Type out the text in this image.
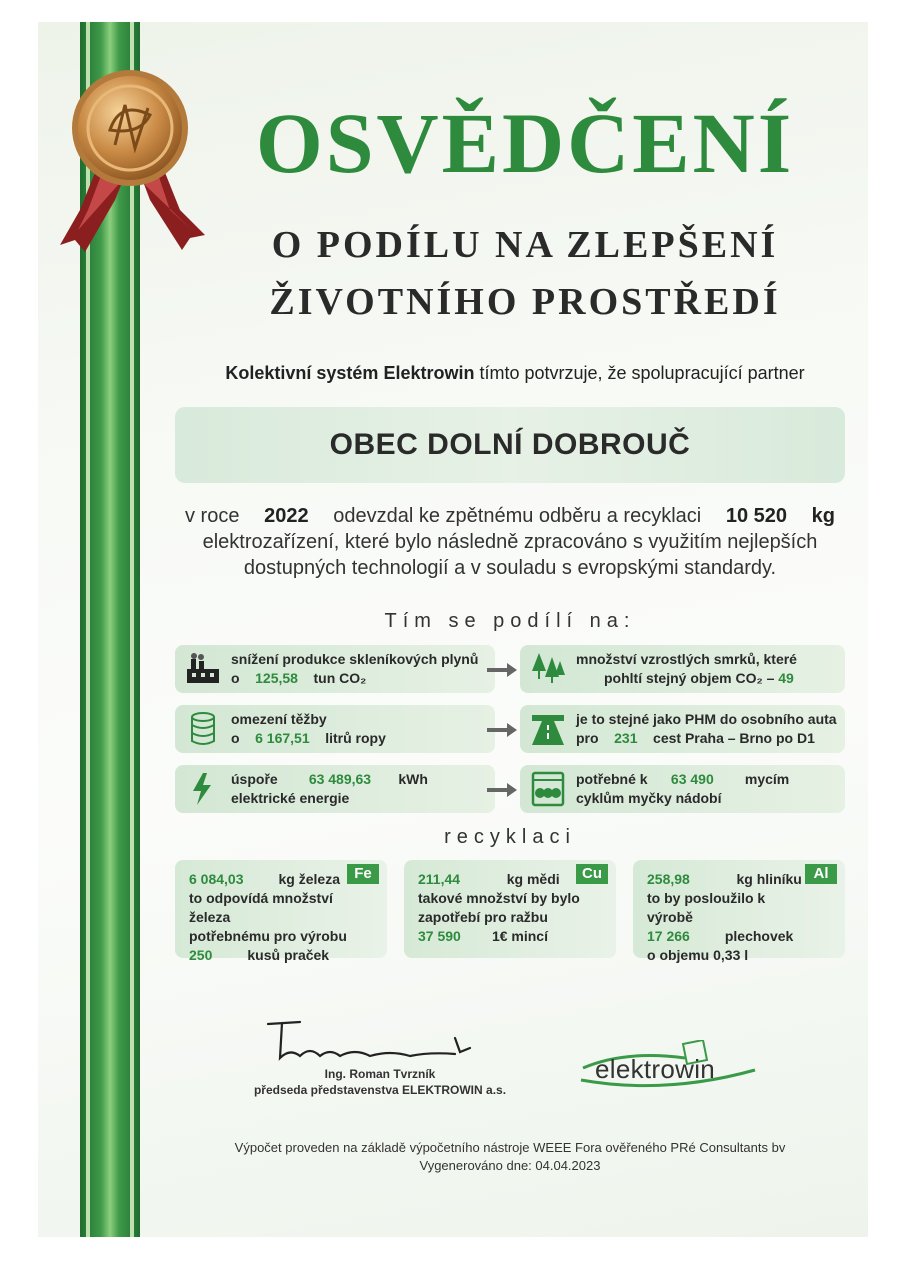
OSVĚDČENÍ
O PODÍLU NA ZLEPŠENÍ
ŽIVOTNÍHO PROSTŘEDÍ
Kolektivní systém Elektrowin tímto potvrzuje, že spolupracující partner
OBEC DOLNÍ DOBROUČ
v roce 2022 odevzdal ke zpětnému odběru a recyklaci 10 520 kg
elektrozařízení, které bylo následně zpracováno s využitím nejlepších
dostupných technologií a v souladu s evropskými standardy.
Tím se podílí na:
snížení produkce skleníkových plynů
o 125,58 tun CO₂
množství vzrostlých smrků, které
pohltí stejný objem CO₂ – 49
omezení těžby
o 6 167,51 litrů ropy
je to stejné jako PHM do osobního auta
pro 231 cest Praha – Brno po D1
úspoře 63 489,63 kWh
elektrické energie
potřebné k 63 490 mycím
cyklům myčky nádobí
recyklaci
Fe
6 084,03	kg železa
to odpovídá množství železa
potřebnému pro výrobu
250	kusů praček
Cu
211,44	kg mědi
takové množství by bylo
zapotřebí pro ražbu
37 590 1€ mincí
Al
258,98	kg hliníku
to by posloužilo k výrobě
17 266	plechovek
o objemu 0,33 l
Ing. Roman Tvrzník
předseda představenstva ELEKTROWIN a.s.
elektrowin
Výpočet proveden na základě výpočetního nástroje WEEE Fora ověřeného PRé Consultants bv
Vygenerováno dne: 04.04.2023
